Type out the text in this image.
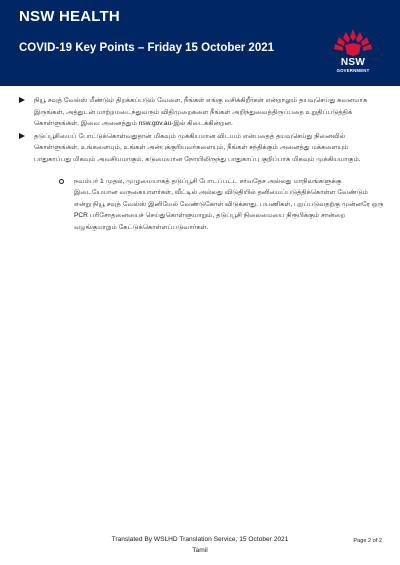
NSW HEALTH
COVID-19 Key Points – Friday 15 October 2021
NSW
GOVERNMENT
நியூ சவுத் வேல்ஸ் மீண்டும் திறக்கப்படும் வேளை, நீங்கள் எங்கு வசிக்கிறீர்கள் என்றாலும் தயவுசெய்து கவனமாக இருங்கள், அத்துடன் மாற்றமடைந்துவரும் விதிமுறைகளை நீங்கள் அறிந்துவைத்திருப்பதை உறுதிப்படுத்திக் கொள்ளுங்கள். இவை அனைத்தும் nsw.gov.au-இல் கிடைக்கின்றன.
தடுப்பூசியைப் போட்டுக்கொள்வதுதான் மிகவும் முக்கியமான விடயம் என்பதைத் தயவுசெய்து நினைவில் கொள்ளுங்கள். உங்களையும், உங்கள் அன்புக்குரியவர்களையும், நீங்கள் சந்திக்கும் அனைத்து மக்களையும் பாதுகாப்பது மிகவும் அவசியமாகும். கடுமையான நோயிலிருந்து பாதுகாப்பு குறிப்பாக மிகவும் முக்கியமாகும்.
நவம்பர் 1 முதல், முழுமையாகத் தடுப்பூசி போடப்பட்ட சர்வதேச அல்லது மாநிலங்களுக்கு இடையேயான வருகையாளர்கள், வீட்டில் அல்லது விடுதியில் தனிமைப்படுத்திக்கொள்ள வேண்டும் என்று நியூ சவுத் வேல்ஸ் இனிமேல் வேண்டுகோள் விடுக்காது. பயணிகள், புறப்படுவதற்கு முன்னரே ஒரு PCR பரிசோதனையைச் செய்துகொள்ளுமாறும், தடுப்பூசி நிலைமையை நிரூபிக்கும் சான்றை வழங்குமாறும் கேட்டுக்கொள்ளப்படுவார்கள்.
Translated By WSLHD Translation Service, 15 October 2021
Tamil
Page 2 of 2
